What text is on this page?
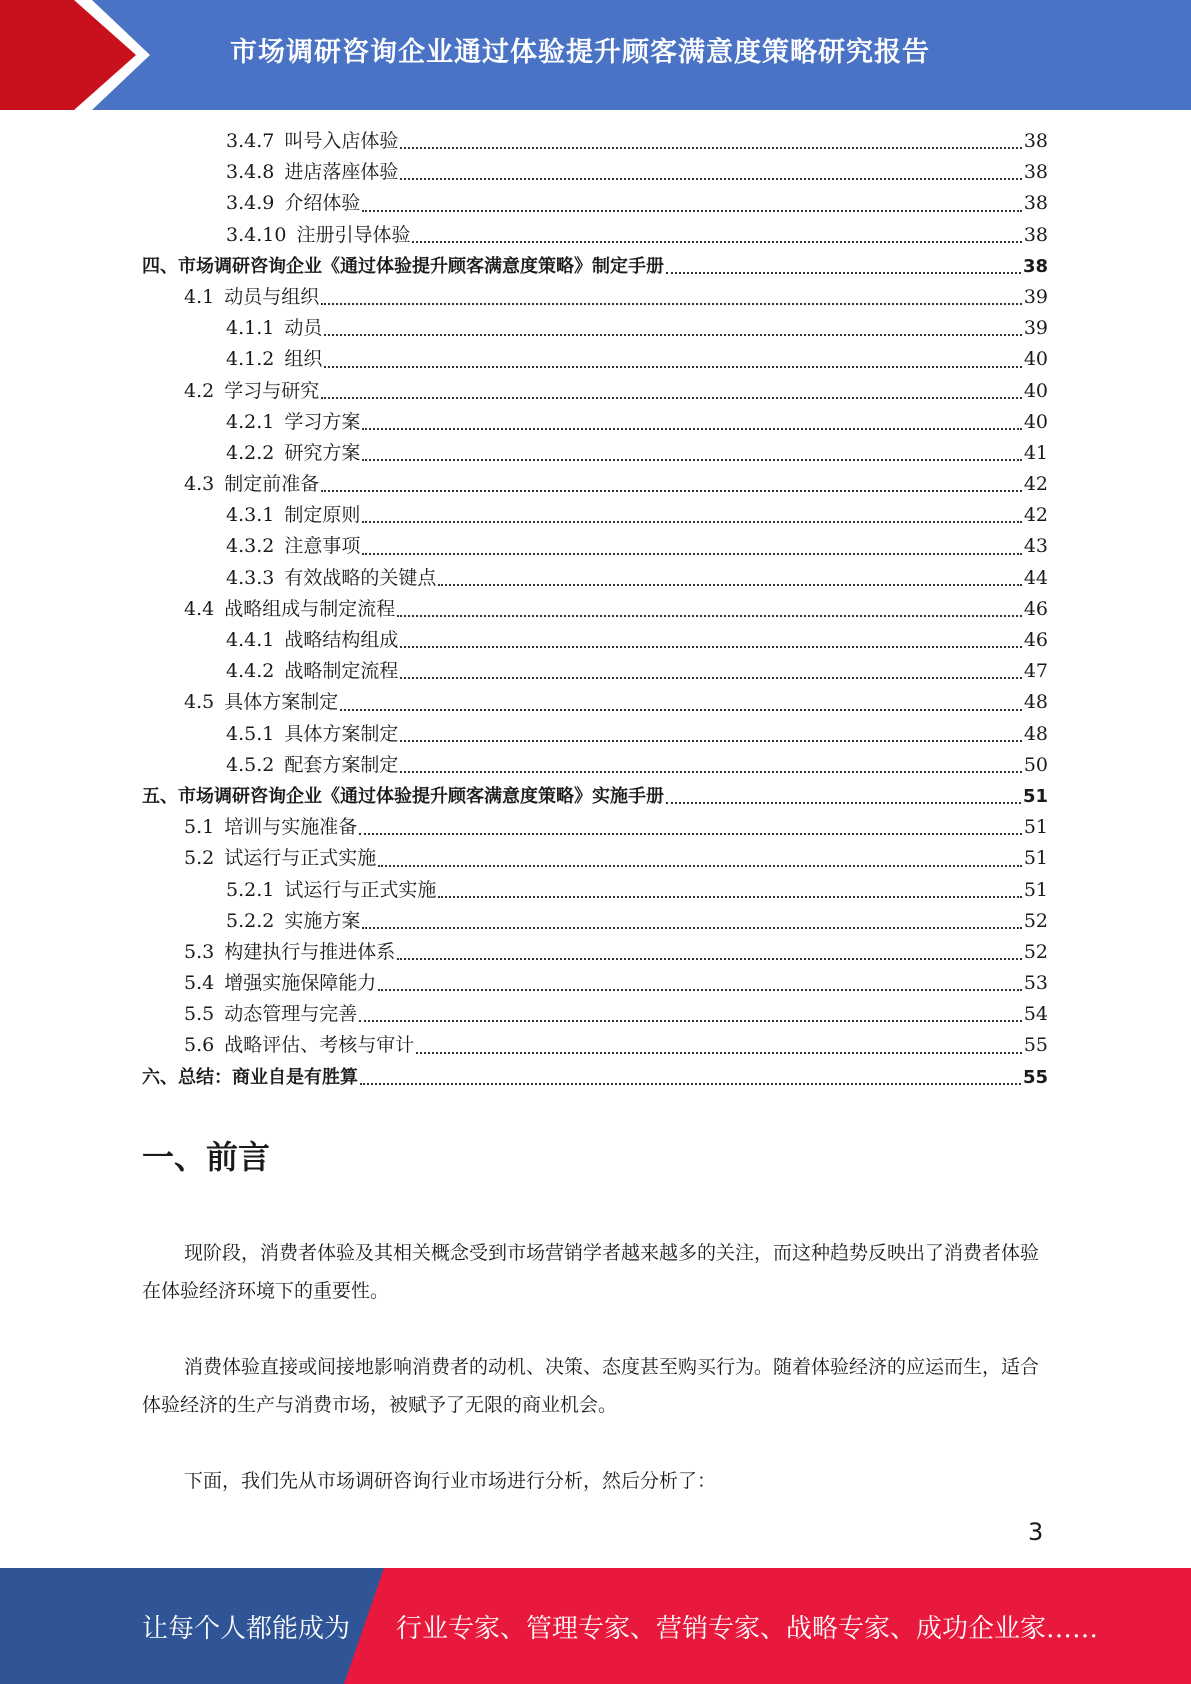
市场调研咨询企业通过体验提升顾客满意度策略研究报告
3.4.7 叫号入店体验	38
3.4.8 进店落座体验	38
3.4.9 介绍体验	38
3.4.10 注册引导体验	38
四、市场调研咨询企业《通过体验提升顾客满意度策略》制定手册	38
4.1 动员与组织	39
4.1.1 动员	39
4.1.2 组织	40
4.2 学习与研究	40
4.2.1 学习方案	40
4.2.2 研究方案	41
4.3 制定前准备	42
4.3.1 制定原则	42
4.3.2 注意事项	43
4.3.3 有效战略的关键点	44
4.4 战略组成与制定流程	46
4.4.1 战略结构组成	46
4.4.2 战略制定流程	47
4.5 具体方案制定	48
4.5.1 具体方案制定	48
4.5.2 配套方案制定	50
五、市场调研咨询企业《通过体验提升顾客满意度策略》实施手册	51
5.1 培训与实施准备	51
5.2 试运行与正式实施	51
5.2.1 试运行与正式实施	51
5.2.2 实施方案	52
5.3 构建执行与推进体系	52
5.4 增强实施保障能力	53
5.5 动态管理与完善	54
5.6 战略评估、考核与审计	55
六、总结：商业自是有胜算	55
一、前言

现阶段，消费者体验及其相关概念受到市场营销学者越来越多的关注，而这种趋势反映出了消费者体验在体验经济环境下的重要性。

消费体验直接或间接地影响消费者的动机、决策、态度甚至购买行为。随着体验经济的应运而生，适合体验经济的生产与消费市场，被赋予了无限的商业机会。

下面，我们先从市场调研咨询行业市场进行分析，然后分析了：

3
让每个人都能成为 行业专家、管理专家、营销专家、战略专家、成功企业家……
